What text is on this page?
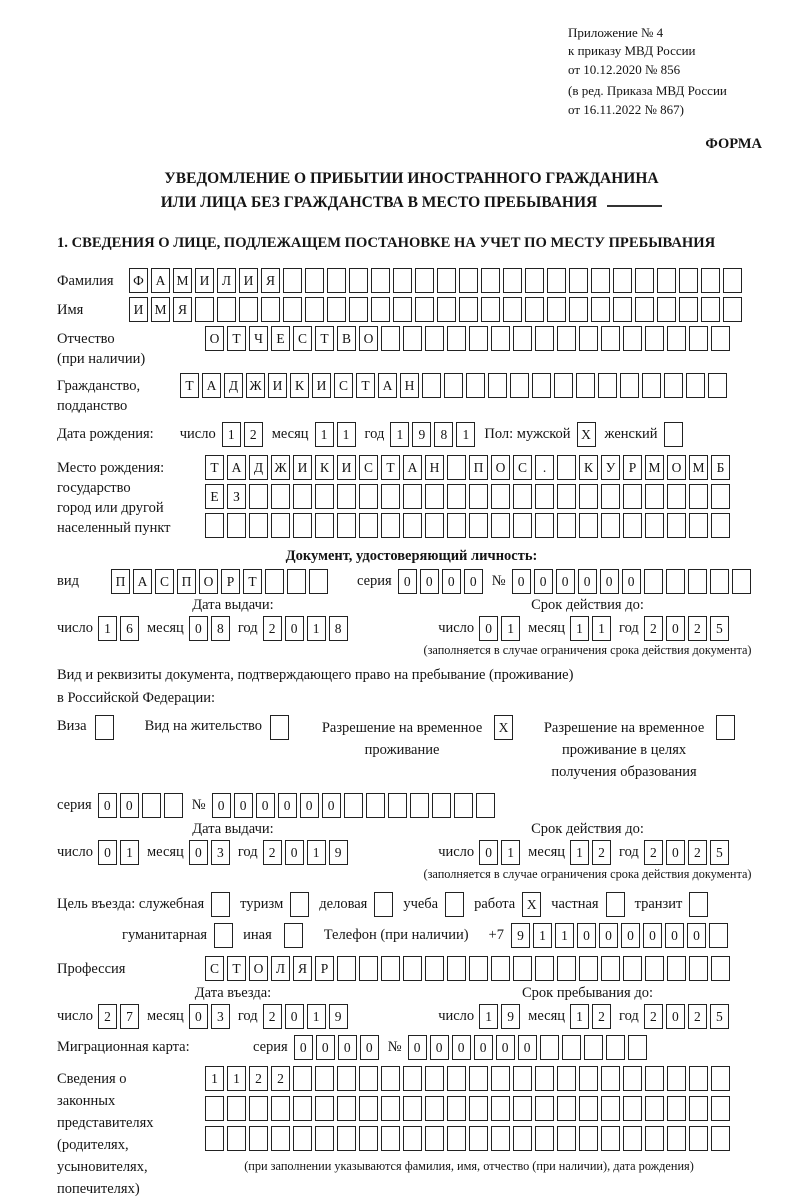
Приложение № 4
к приказу МВД России
от 10.12.2020 № 856
(в ред. Приказа МВД России
от 16.11.2022 № 867)
ФОРМА
УВЕДОМЛЕНИЕ О ПРИБЫТИИ ИНОСТРАННОГО ГРАЖДАНИНА
ИЛИ ЛИЦА БЕЗ ГРАЖДАНСТВА В МЕСТО ПРЕБЫВАНИЯ
1. СВЕДЕНИЯ О ЛИЦЕ, ПОДЛЕЖАЩЕМ ПОСТАНОВКЕ НА УЧЕТ ПО МЕСТУ ПРЕБЫВАНИЯ
Фамилия	Ф А М И Л И Я
Имя	И М Я
Отчество
(при наличии)
О Т Ч Е С Т В О
Гражданство,
подданство
Т А Д Ж И К И С Т А Н
Дата рождения: число 1	2	месяц 1	1	год 1	9	8	1	Пол: мужской X женский
Место рождения:
государство
город или другой
населенный пункт
Т А Д Ж И К И С Т А Н	П О С	.	К У Р М О М Б
Е	З
Документ, удостоверяющий личность:
вид	П А С П О Р	Т	серия 0	0	0	0	№ 0	0	0	0	0	0
Дата выдачи:
число 1	6 месяц 0	8 год 2	0	1	8
Срок действия до:
число 0	1 месяц 1	1 год 2	0	2	5
(заполняется в случае ограничения срока действия документа)
Вид и реквизиты документа, подтверждающего право на пребывание (проживание)
в Российской Федерации:
Виза	Вид на жительство	Разрешение на временное
проживание
X	Разрешение на временное
проживание в целях
получения образования
серия 0	0	№ 0	0	0	0	0	0
Дата выдачи:
число 0	1 месяц 0	3 год 2	0	1	9
Срок действия до:
число 0	1 месяц 1	2 год 2	0	2	5
(заполняется в случае ограничения срока действия документа)
Цель въезда: служебная туризм деловая учеба работа X	частная транзит
гуманитарная иная	Телефон (при наличии) +7 9	1	1	0	0	0	0	0	0
Профессия	С Т О Л Я	Р
Дата въезда:
число 2	7 месяц 0	3 год 2	0	1	9
Срок пребывания до:
число 1	9 месяц 1	2 год 2	0	2	5
Миграционная карта:	серия 0	0	0	0	№ 0	0	0	0	0	0
Сведения о
законных
представителях
(родителях,
усыновителях,
попечителях)
1	1	2	2
(при заполнении указываются фамилия, имя, отчество (при наличии), дата рождения)
